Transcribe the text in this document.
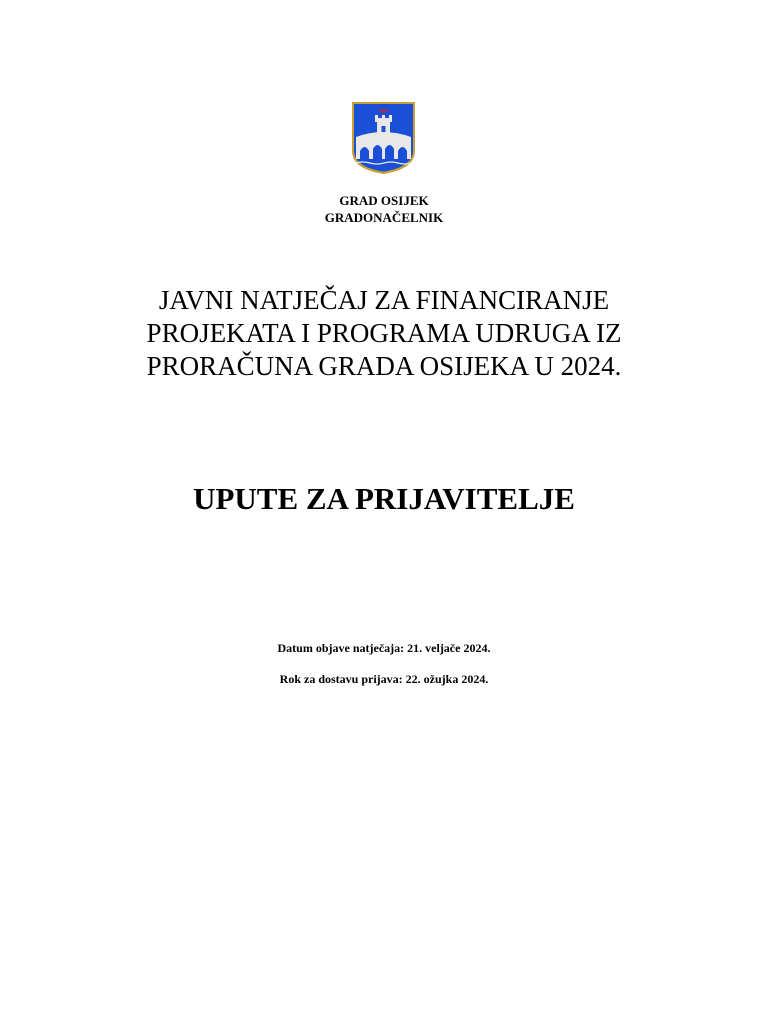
GRAD OSIJEK
GRADONAČELNIK
JAVNI NATJEČAJ ZA FINANCIRANJE
PROJEKATA I PROGRAMA UDRUGA IZ
PRORAČUNA GRADA OSIJEKA U 2024.
UPUTE ZA PRIJAVITELJE
Datum objave natječaja: 21. veljače 2024.
Rok za dostavu prijava: 22. ožujka 2024.
